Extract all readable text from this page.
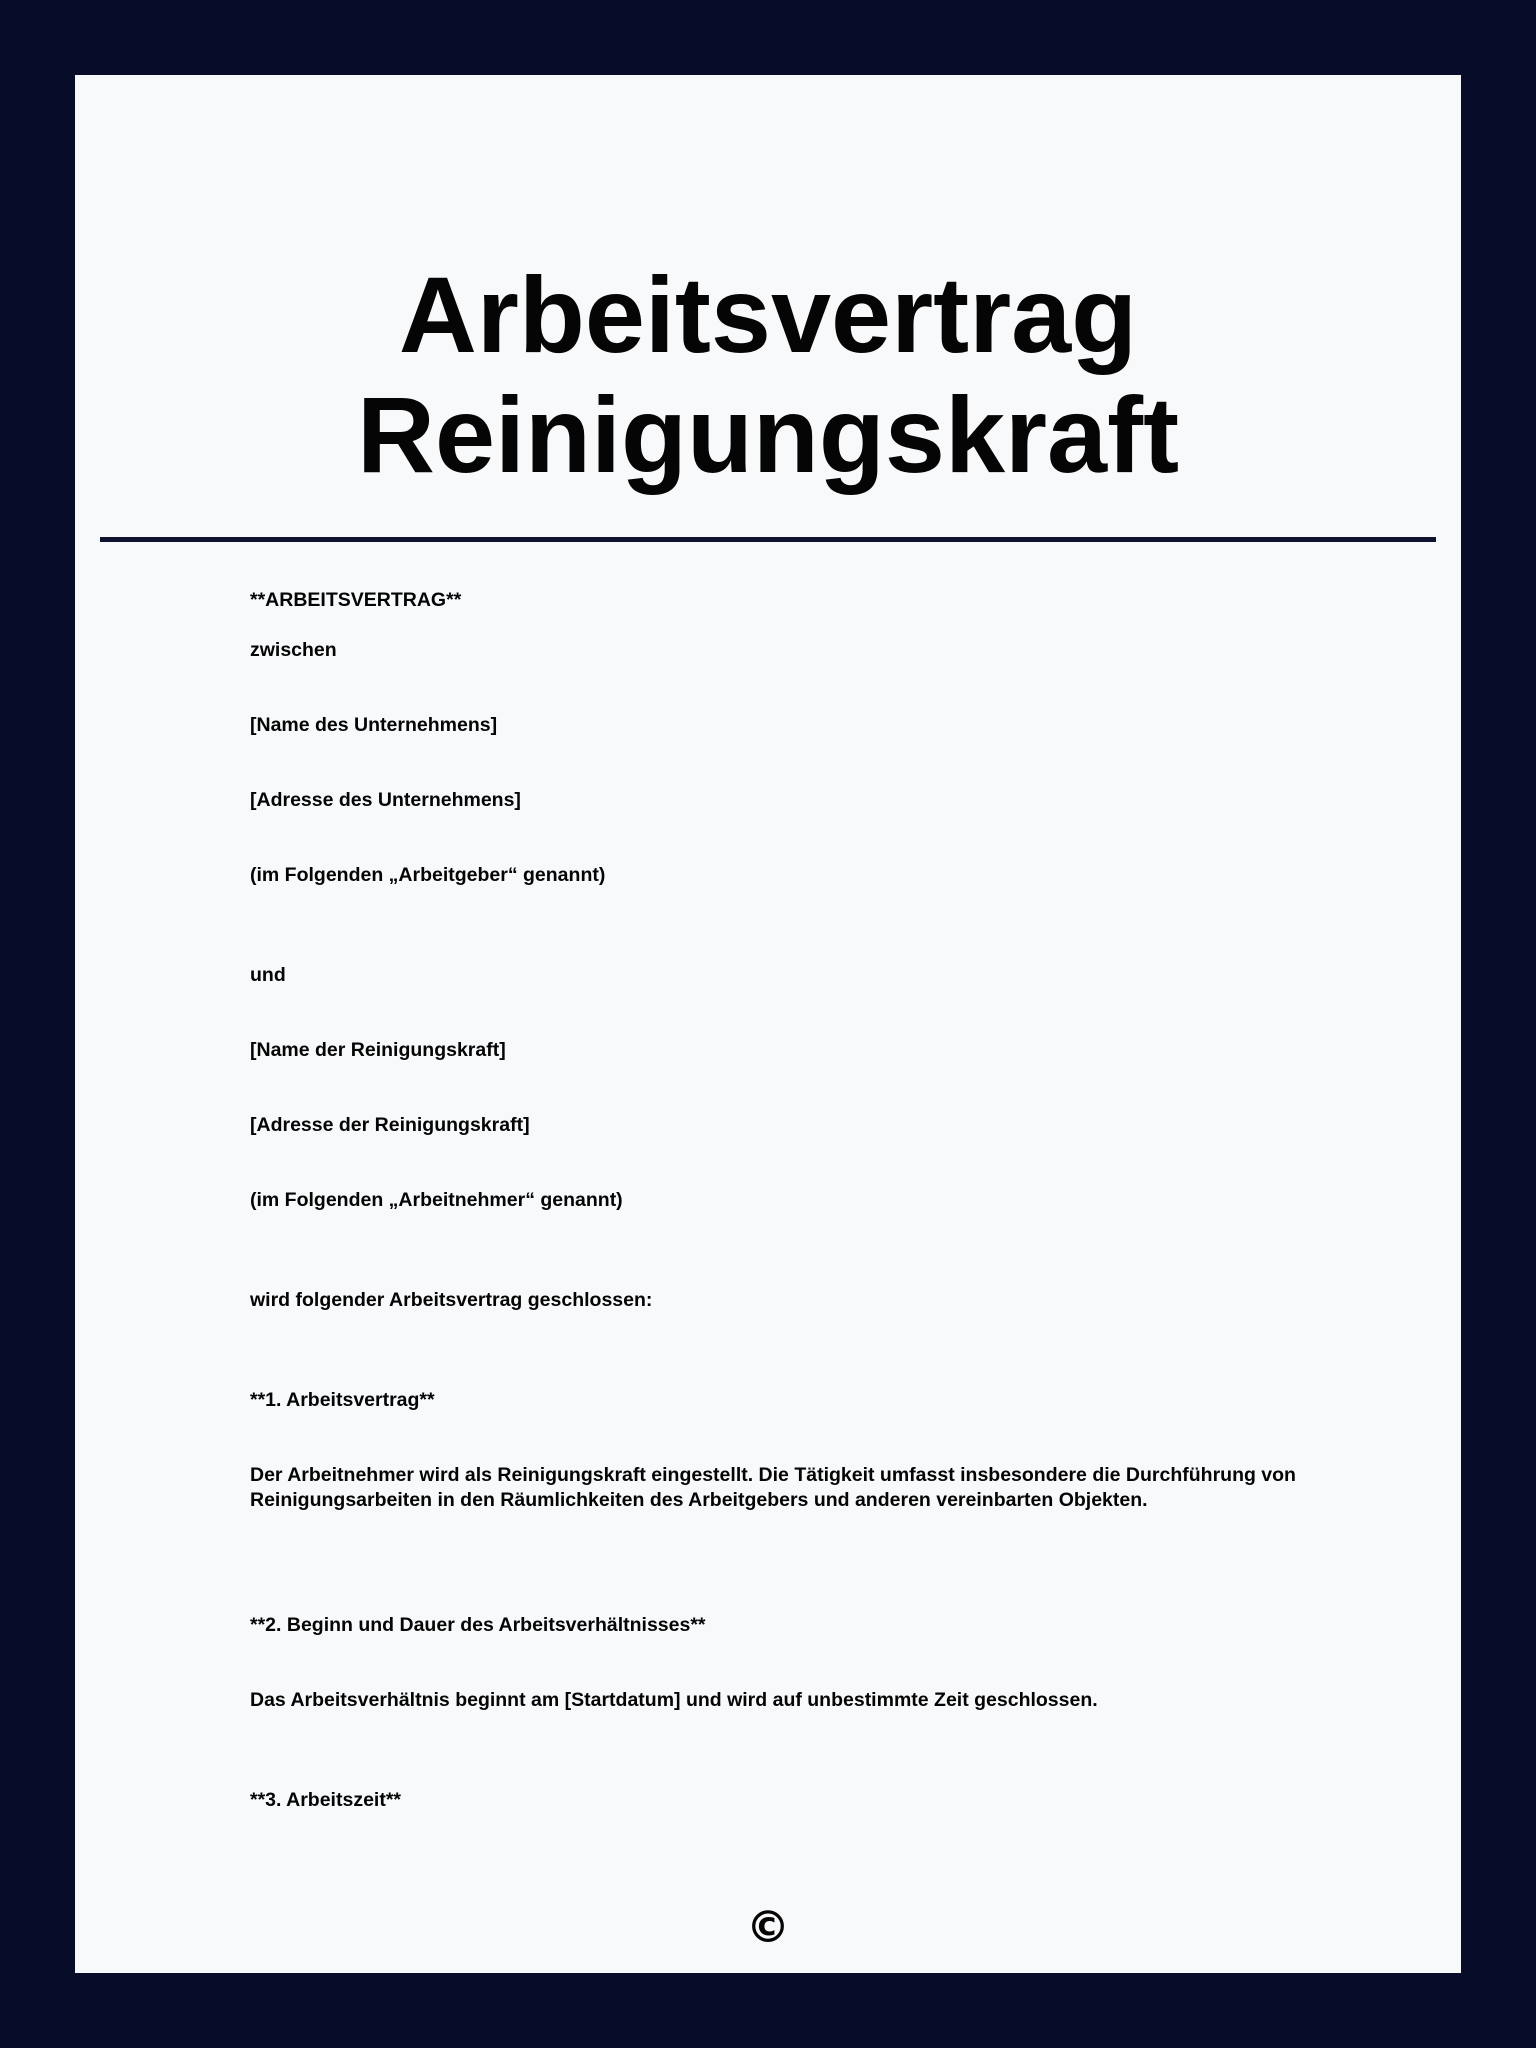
Arbeitsvertrag
Reinigungskraft

**ARBEITSVERTRAG**

zwischen

[Name des Unternehmens]

[Adresse des Unternehmens]

(im Folgenden „Arbeitgeber“ genannt)

und

[Name der Reinigungskraft]

[Adresse der Reinigungskraft]

(im Folgenden „Arbeitnehmer“ genannt)

wird folgender Arbeitsvertrag geschlossen:

**1. Arbeitsvertrag**

Der Arbeitnehmer wird als Reinigungskraft eingestellt. Die Tätigkeit umfasst insbesondere die Durchführung von Reinigungsarbeiten in den Räumlichkeiten des Arbeitgebers und anderen vereinbarten Objekten.

**2. Beginn und Dauer des Arbeitsverhältnisses**

Das Arbeitsverhältnis beginnt am [Startdatum] und wird auf unbestimmte Zeit geschlossen.

**3. Arbeitszeit**

©
